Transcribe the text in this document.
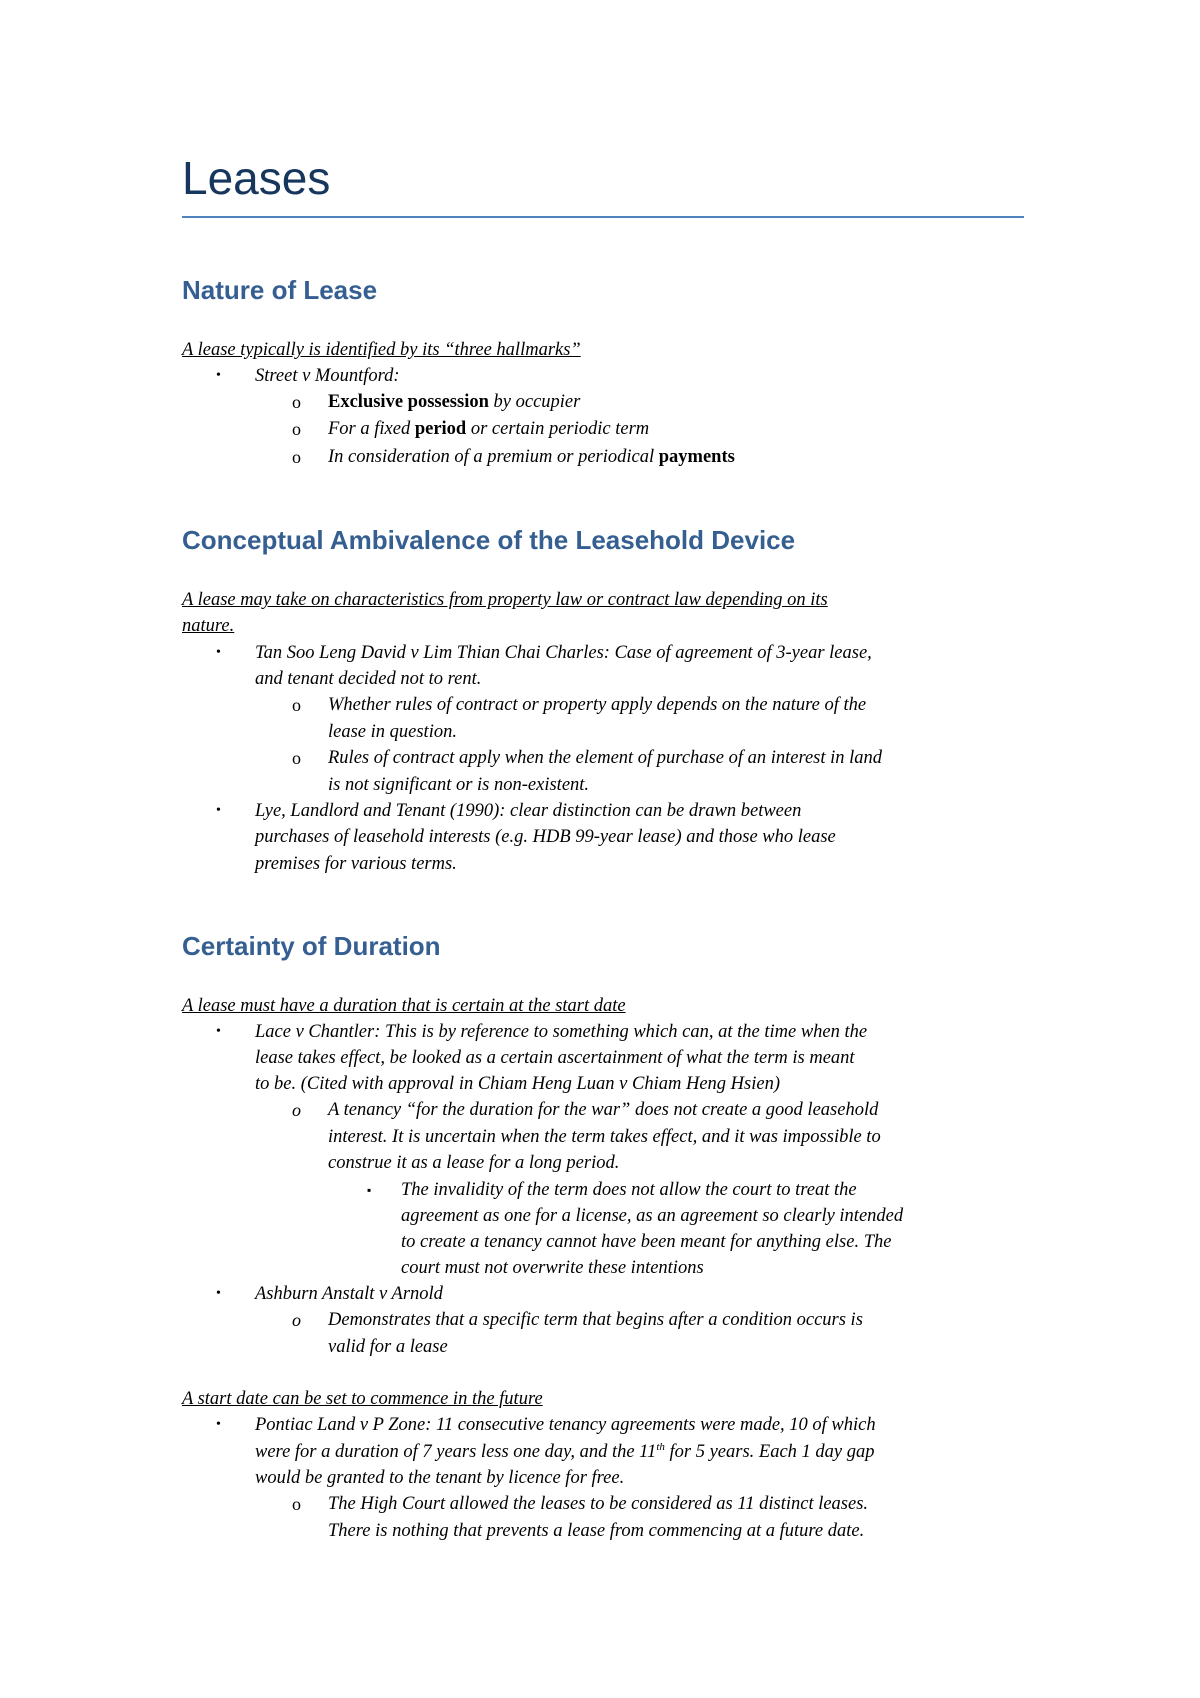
Leases
Nature of Lease

A lease typically is identified by its “three hallmarks”

• Street v Mountford:

o Exclusive possession by occupier

o For a fixed period or certain periodic term

o In consideration of a premium or periodical payments

Conceptual Ambivalence of the Leasehold Device

A lease may take on characteristics from property law or contract law depending on its

nature.

• Tan Soo Leng David v Lim Thian Chai Charles: Case of agreement of 3-year lease,

and tenant decided not to rent.

o Whether rules of contract or property apply depends on the nature of the

lease in question.

o Rules of contract apply when the element of purchase of an interest in land

is not significant or is non-existent.

• Lye, Landlord and Tenant (1990): clear distinction can be drawn between

purchases of leasehold interests (e.g. HDB 99-year lease) and those who lease

premises for various terms.

Certainty of Duration

A lease must have a duration that is certain at the start date

• Lace v Chantler: This is by reference to something which can, at the time when the

lease takes effect, be looked as a certain ascertainment of what the term is meant

to be. (Cited with approval in Chiam Heng Luan v Chiam Heng Hsien)

o A tenancy “for the duration for the war” does not create a good leasehold

interest. It is uncertain when the term takes effect, and it was impossible to

construe it as a lease for a long period.

▪ The invalidity of the term does not allow the court to treat the

agreement as one for a license, as an agreement so clearly intended

to create a tenancy cannot have been meant for anything else. The

court must not overwrite these intentions

• Ashburn Anstalt v Arnold

o Demonstrates that a specific term that begins after a condition occurs is

valid for a lease

A start date can be set to commence in the future

• Pontiac Land v P Zone: 11 consecutive tenancy agreements were made, 10 of which

were for a duration of 7 years less one day, and the 11th for 5 years. Each 1 day gap

would be granted to the tenant by licence for free.

o The High Court allowed the leases to be considered as 11 distinct leases.

There is nothing that prevents a lease from commencing at a future date.
